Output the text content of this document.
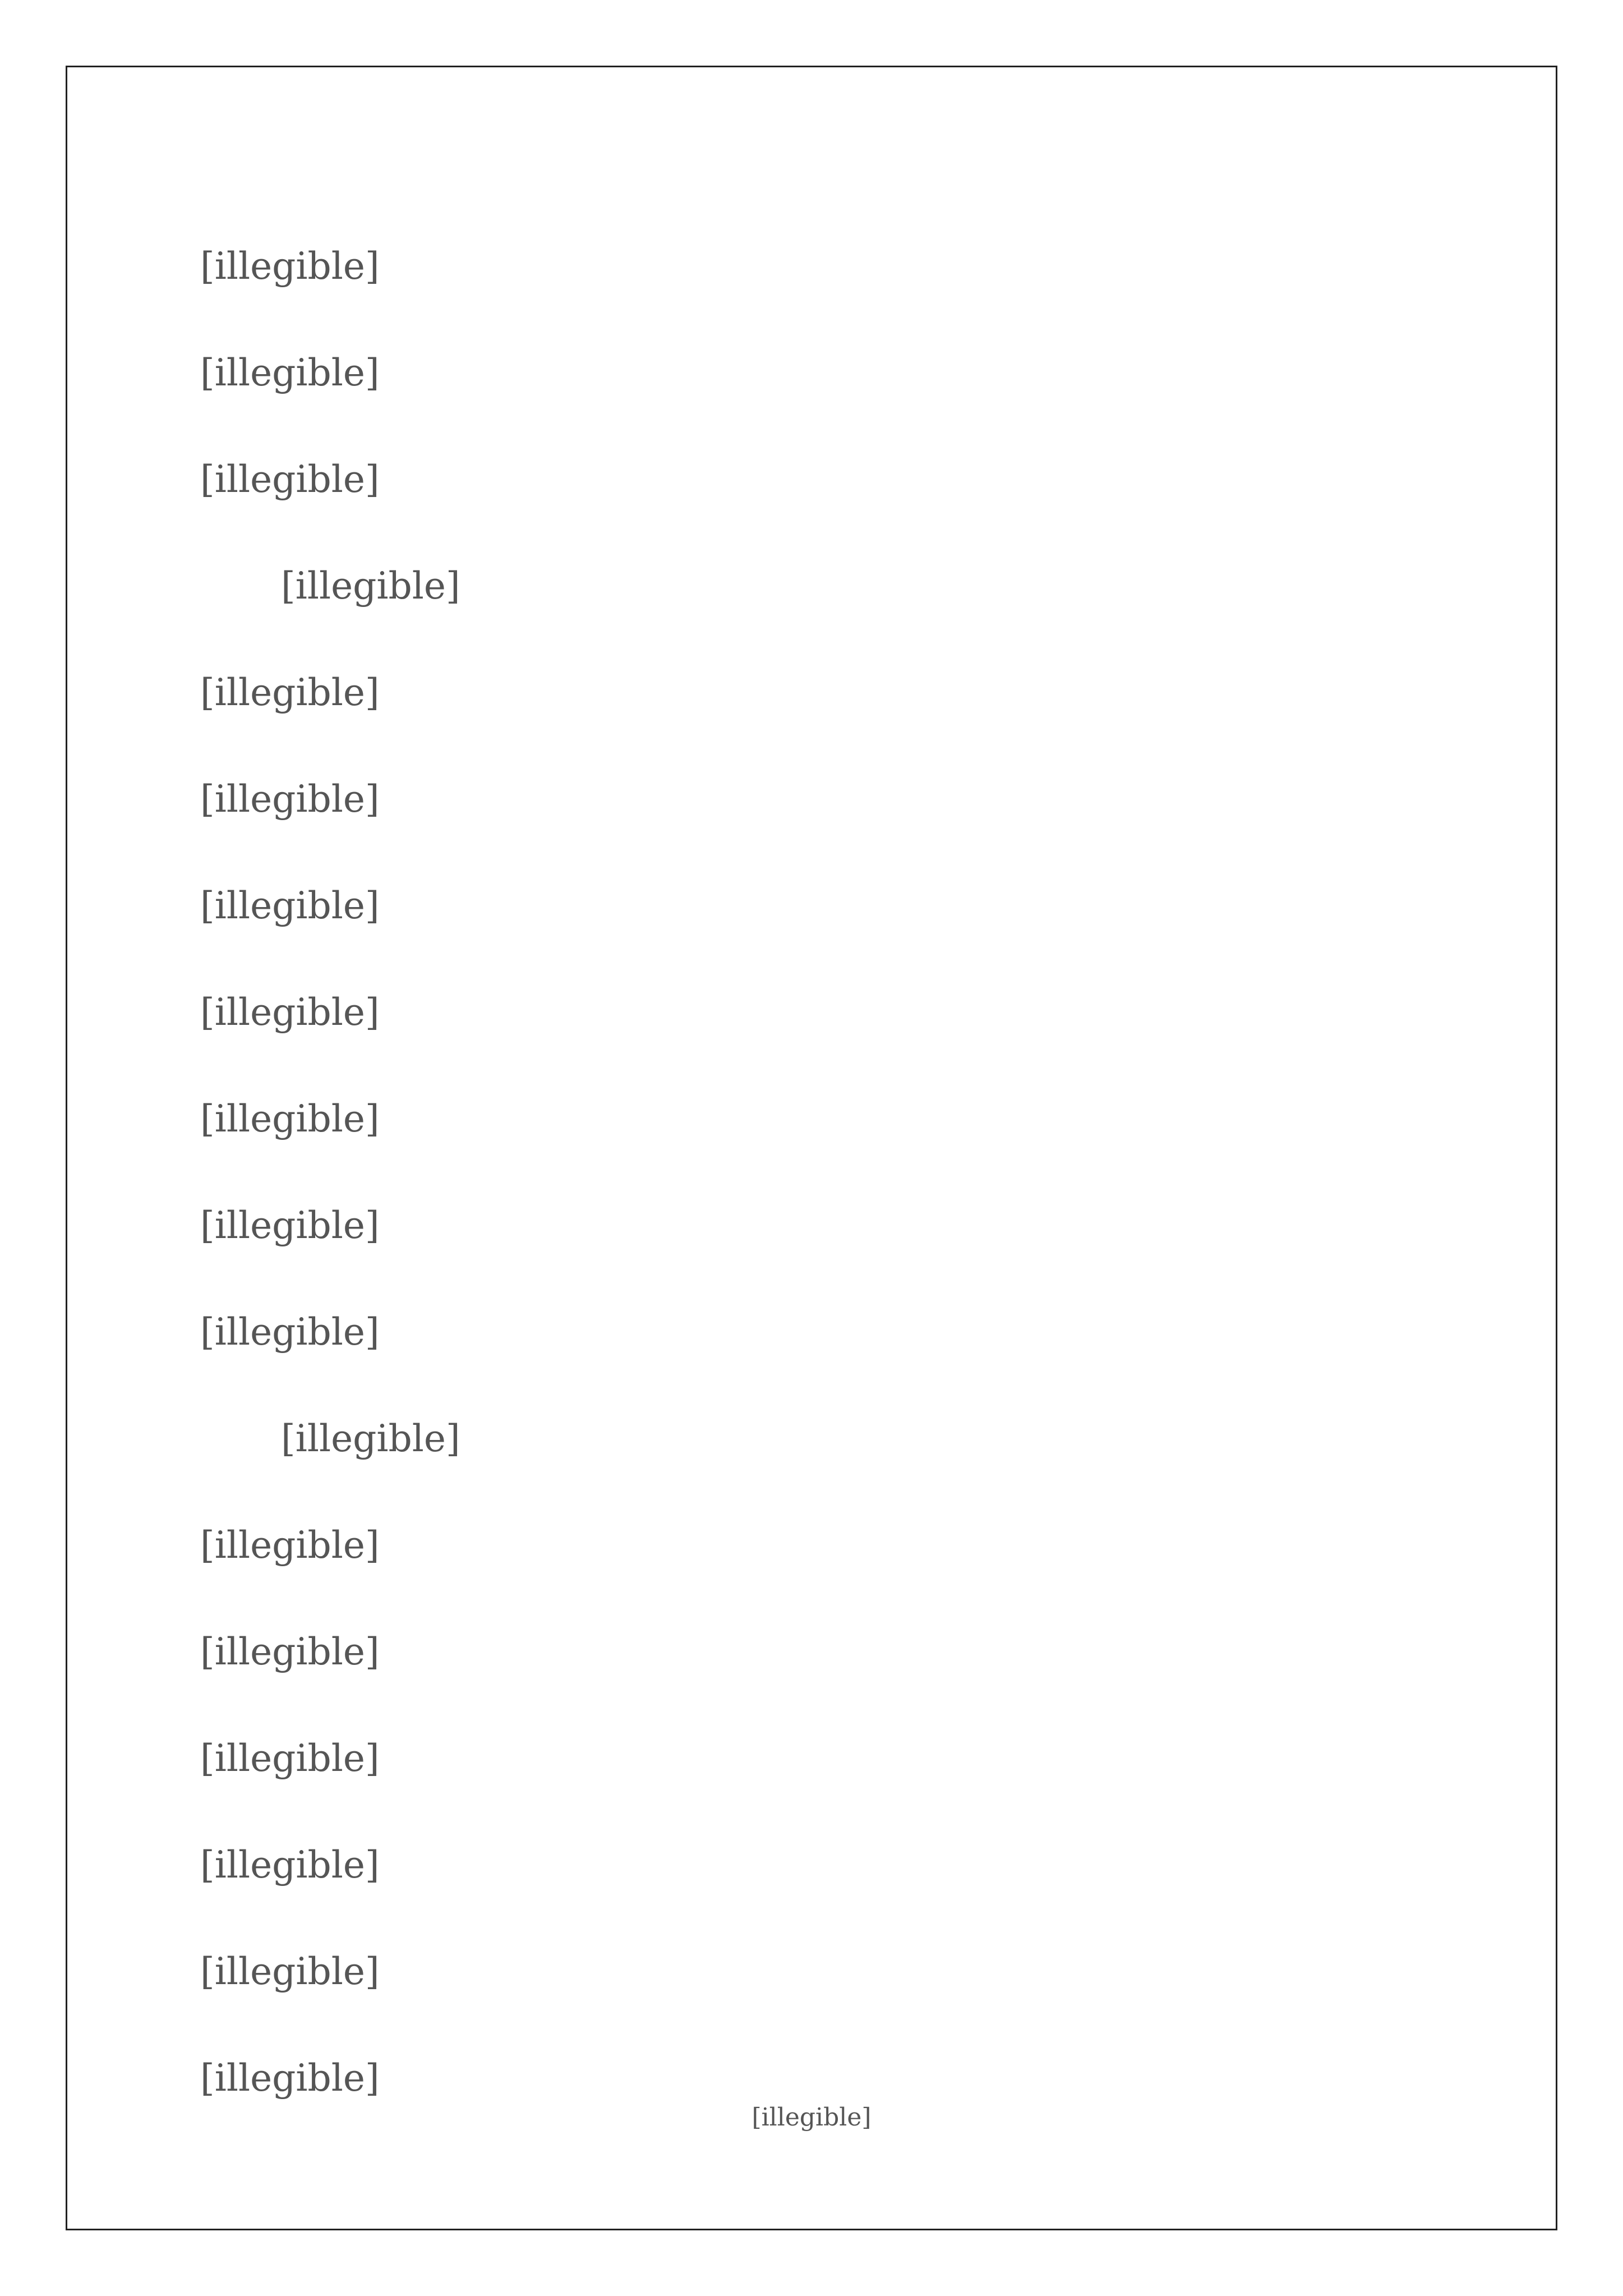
[illegible]
[illegible]
[illegible]
[illegible]
[illegible]
[illegible]
[illegible]
[illegible]
[illegible]
[illegible]
[illegible]
[illegible]
[illegible]
[illegible]
[illegible]
[illegible]
[illegible]
[illegible]
[illegible]
